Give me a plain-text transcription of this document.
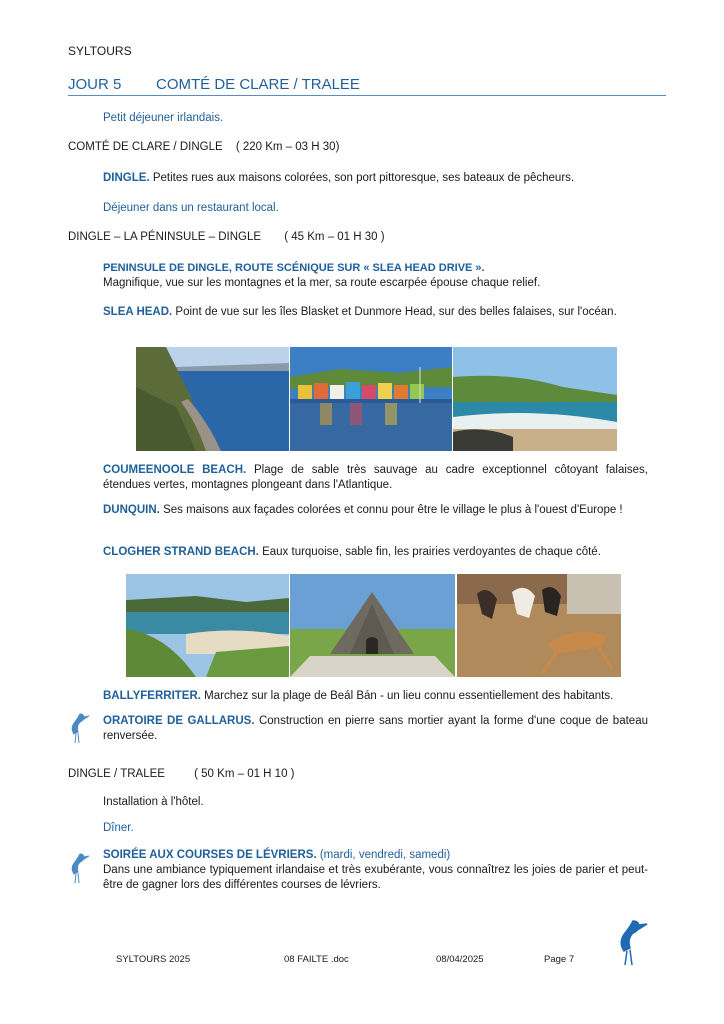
SYLTOURS
JOUR 5 COMTÉ DE CLARE / TRALEE
Petit déjeuner irlandais.
COMTÉ DE CLARE / DINGLE ( 220 Km – 03 H 30)
DINGLE. Petites rues aux maisons colorées, son port pittoresque, ses bateaux de pêcheurs.
Déjeuner dans un restaurant local.
DINGLE – LA PÉNINSULE – DINGLE ( 45 Km – 01 H 30 )
PENINSULE DE DINGLE, ROUTE SCÉNIQUE SUR « SLEA HEAD DRIVE ».
Magnifique, vue sur les montagnes et la mer, sa route escarpée épouse chaque relief.
SLEA HEAD. Point de vue sur les îles Blasket et Dunmore Head, sur des belles falaises, sur l'océan.
COUMEENOOLE BEACH. Plage de sable très sauvage au cadre exceptionnel côtoyant falaises, étendues vertes, montagnes plongeant dans l'Atlantique.
DUNQUIN. Ses maisons aux façades colorées et connu pour être le village le plus à l'ouest d'Europe !
CLOGHER STRAND BEACH. Eaux turquoise, sable fin, les prairies verdoyantes de chaque côté.
BALLYFERRITER. Marchez sur la plage de Beál Bán - un lieu connu essentiellement des habitants.
ORATOIRE DE GALLARUS. Construction en pierre sans mortier ayant la forme d'une coque de bateau renversée.
DINGLE / TRALEE	( 50 Km – 01 H 10 )
Installation à l'hôtel.
Dîner.
SOIRÉE AUX COURSES DE LÉVRIERS. (mardi, vendredi, samedi)
Dans une ambiance typiquement irlandaise et très exubérante, vous connaîtrez les joies de parier et peut-être de gagner lors des différentes courses de lévriers.
SYLTOURS 2025	08 FAILTE .doc	08/04/2025	Page 7
